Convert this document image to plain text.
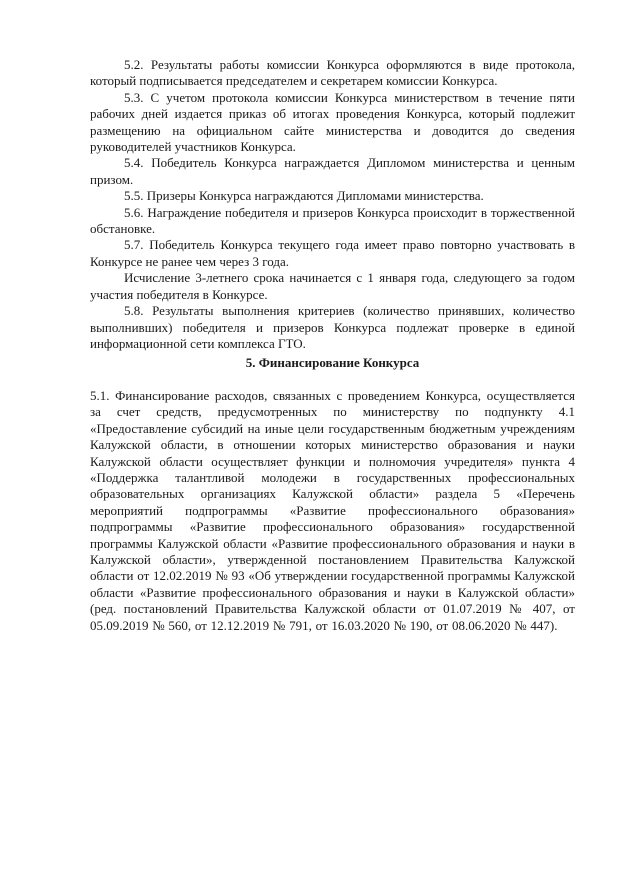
5.2. Результаты работы комиссии Конкурса оформляются в виде протокола, который подписывается председателем и секретарем комиссии Конкурса.

5.3. С учетом протокола комиссии Конкурса министерством в течение пяти рабочих дней издается приказ об итогах проведения Конкурса, который подлежит размещению на официальном сайте министерства и доводится до сведения руководителей участников Конкурса.

5.4. Победитель Конкурса награждается Дипломом министерства и ценным призом.

5.5. Призеры Конкурса награждаются Дипломами министерства.

5.6. Награждение победителя и призеров Конкурса происходит в торжественной обстановке.

5.7. Победитель Конкурса текущего года имеет право повторно участвовать в Конкурсе не ранее чем через 3 года.

Исчисление 3-летнего срока начинается с 1 января года, следующего за годом участия победителя в Конкурсе.

5.8. Результаты выполнения критериев (количество принявших, количество выполнивших) победителя и призеров Конкурса подлежат проверке в единой информационной сети комплекса ГТО.

5. Финансирование Конкурса

5.1. Финансирование расходов, связанных с проведением Конкурса, осуществляется за счет средств, предусмотренных по министерству по подпункту 4.1 «Предоставление субсидий на иные цели государственным бюджетным учреждениям Калужской области, в отношении которых министерство образования и науки Калужской области осуществляет функции и полномочия учредителя» пункта 4 «Поддержка талантливой молодежи в государственных профессиональных образовательных организациях Калужской области» раздела 5 «Перечень мероприятий подпрограммы «Развитие профессионального образования» подпрограммы «Развитие профессионального образования» государственной программы Калужской области «Развитие профессионального образования и науки в Калужской области», утвержденной постановлением Правительства Калужской области от 12.02.2019 № 93 «Об утверждении государственной программы Калужской области «Развитие профессионального образования и науки в Калужской области» (ред. постановлений Правительства Калужской области от 01.07.2019 № 407, от 05.09.2019 № 560, от 12.12.2019 № 791, от 16.03.2020 № 190, от 08.06.2020 № 447).
